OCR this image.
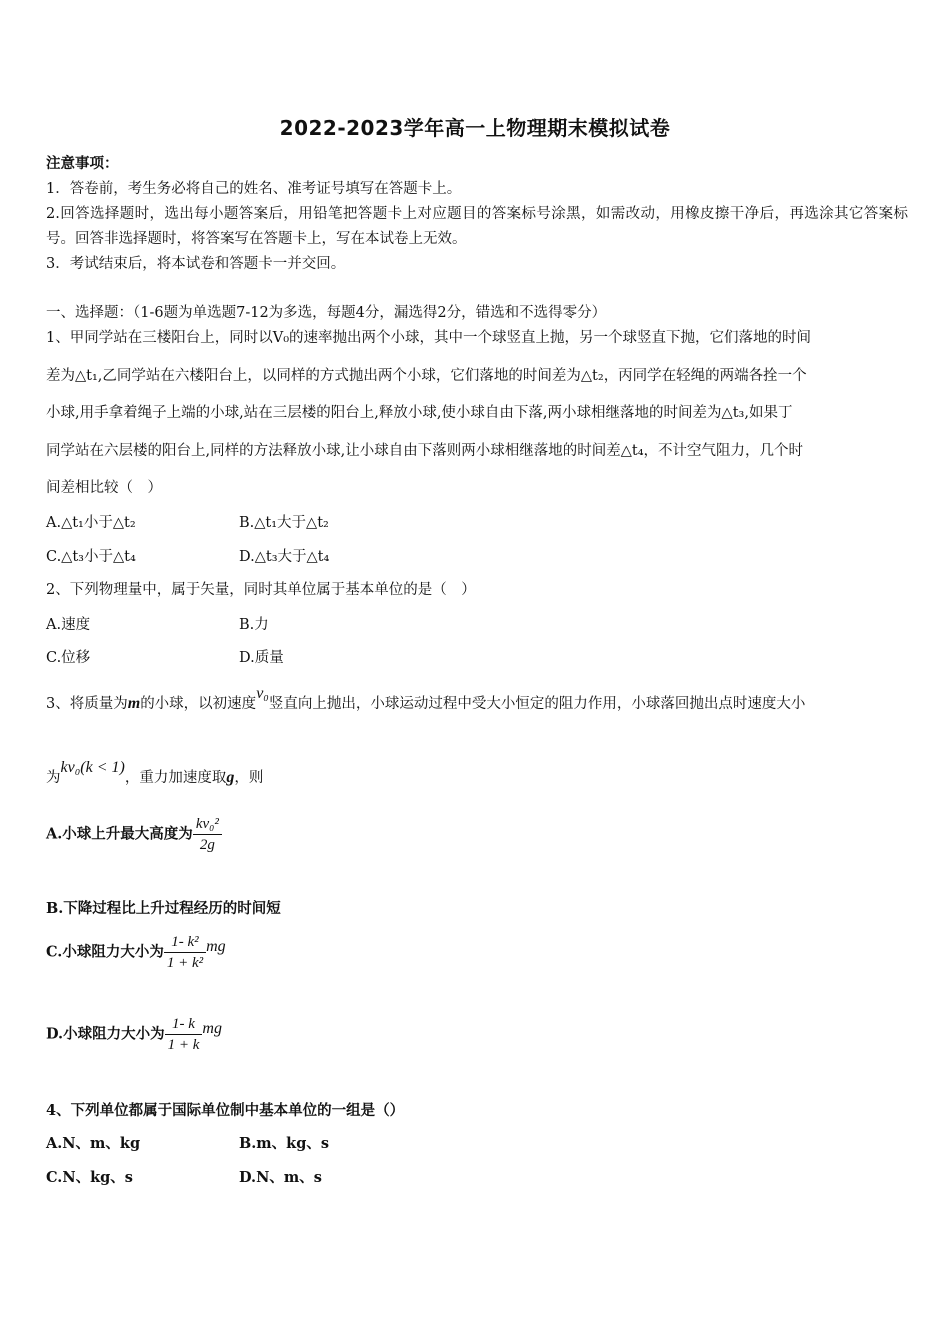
2022-2023学年高一上物理期末模拟试卷
注意事项：
1．答卷前，考生务必将自己的姓名、准考证号填写在答题卡上。
2.回答选择题时，选出每小题答案后，用铅笔把答题卡上对应题目的答案标号涂黑，如需改动，用橡皮擦干净后，再选涂其它答案标号。回答非选择题时，将答案写在答题卡上，写在本试卷上无效。
3．考试结束后，将本试卷和答题卡一并交回。
一、选择题：（1-6题为单选题7-12为多选，每题4分，漏选得2分，错选和不选得零分）
1、甲同学站在三楼阳台上，同时以V₀的速率抛出两个小球，其中一个球竖直上抛，另一个球竖直下抛，它们落地的时间
差为△t₁,乙同学站在六楼阳台上，以同样的方式抛出两个小球，它们落地的时间差为△t₂，丙同学在轻绳的两端各拴一个
小球,用手拿着绳子上端的小球,站在三层楼的阳台上,释放小球,使小球自由下落,两小球相继落地的时间差为△t₃,如果丁
同学站在六层楼的阳台上,同样的方法释放小球,让小球自由下落则两小球相继落地的时间差△t₄，不计空气阻力，几个时
间差相比较（　）
A.△t₁小于△t₂	B.△t₁大于△t₂
C.△t₃小于△t₄	D.△t₃大于△t₄
2、下列物理量中，属于矢量，同时其单位属于基本单位的是（　）
A.速度	B.力
C.位移	D.质量
3、将质量为m的小球，以初速度v₀竖直向上抛出，小球运动过程中受大小恒定的阻力作用，小球落回抛出点时速度大小
为kv₀(k < 1)，重力加速度取g，则
A.小球上升最大高度为 $\frac{\text{kv₀²}}{2g}$
B.下降过程比上升过程经历的时间短
C.小球阻力大小为 $\frac{\text{1- k²}}{\text{1 + k²}}$ mg
D.小球阻力大小为 $\frac{1- k}{1 + k}$ mg
4、下列单位都属于国际单位制中基本单位的一组是（）
A.N、m、kg	B.m、kg、s
C.N、kg、s	D.N、m、s
